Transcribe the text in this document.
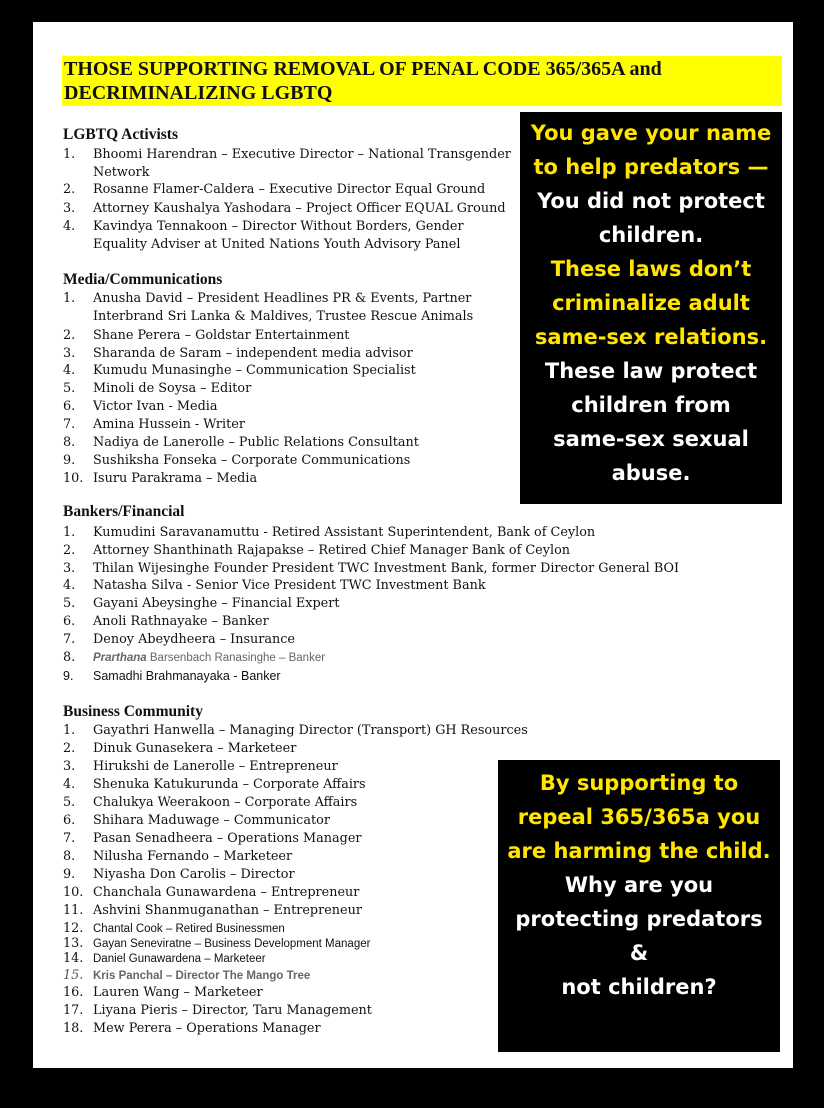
THOSE SUPPORTING REMOVAL OF PENAL CODE 365/365A and
DECRIMINALIZING LGBTQ
LGBTQ Activists
1. Bhoomi Harendran – Executive Director – National Transgender
Network
2. Rosanne Flamer-Caldera – Executive Director Equal Ground
3. Attorney Kaushalya Yashodara – Project Officer EQUAL Ground
4. Kavindya Tennakoon – Director Without Borders, Gender
Equality Adviser at United Nations Youth Advisory Panel
Media/Communications
1. Anusha David – President Headlines PR & Events, Partner
Interbrand Sri Lanka & Maldives, Trustee Rescue Animals
2. Shane Perera – Goldstar Entertainment
3. Sharanda de Saram – independent media advisor
4. Kumudu Munasinghe – Communication Specialist
5. Minoli de Soysa – Editor
6. Victor Ivan - Media
7. Amina Hussein - Writer
8. Nadiya de Lanerolle – Public Relations Consultant
9. Sushiksha Fonseka – Corporate Communications
10. Isuru Parakrama – Media
Bankers/Financial
1. Kumudini Saravanamuttu - Retired Assistant Superintendent, Bank of Ceylon
2. Attorney Shanthinath Rajapakse – Retired Chief Manager Bank of Ceylon
3. Thilan Wijesinghe Founder President TWC Investment Bank, former Director General BOI
4. Natasha Silva - Senior Vice President TWC Investment Bank
5. Gayani Abeysinghe – Financial Expert
6. Anoli Rathnayake – Banker
7. Denoy Abeydheera – Insurance
8. Prarthana Barsenbach Ranasinghe – Banker
9. Samadhi Brahmanayaka - Banker
Business Community
1. Gayathri Hanwella – Managing Director (Transport) GH Resources
2. Dinuk Gunasekera – Marketeer
3. Hirukshi de Lanerolle – Entrepreneur
4. Shenuka Katukurunda – Corporate Affairs
5. Chalukya Weerakoon – Corporate Affairs
6. Shihara Maduwage – Communicator
7. Pasan Senadheera – Operations Manager
8. Nilusha Fernando – Marketeer
9. Niyasha Don Carolis – Director
10. Chanchala Gunawardena – Entrepreneur
11. Ashvini Shanmuganathan – Entrepreneur
12. Chantal Cook – Retired Businessmen
13. Gayan Seneviratne – Business Development Manager
14. Daniel Gunawardena – Marketeer
15. Kris Panchal – Director The Mango Tree
16. Lauren Wang – Marketeer
17. Liyana Pieris – Director, Taru Management
18. Mew Perera – Operations Manager
You gave your name
to help predators —
You did not protect
children.
These laws don’t
criminalize adult
same-sex relations.
These law protect
children from
same-sex sexual
abuse.
By supporting to
repeal 365/365a you
are harming the child.
Why are you
protecting predators
&
not children?
